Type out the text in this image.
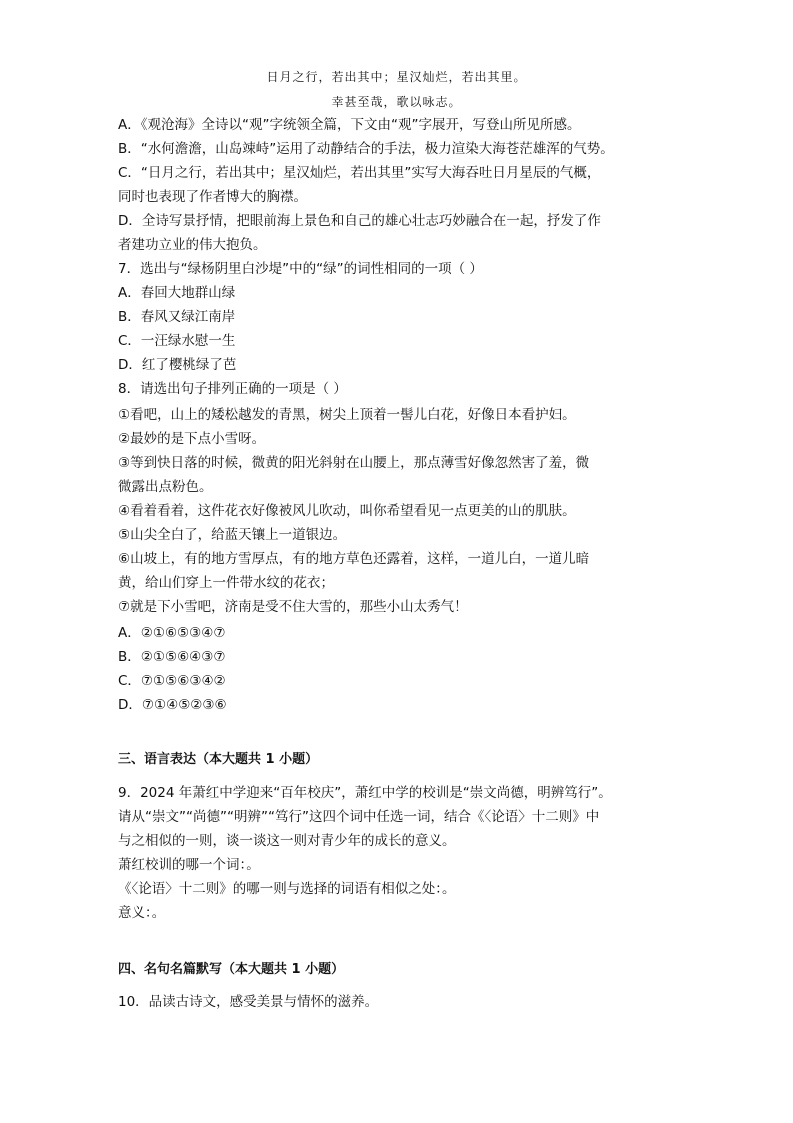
日月之行，若出其中；星汉灿烂，若出其里。
幸甚至哉，歌以咏志。
A．《观沧海》全诗以“观”字统领全篇，下文由“观”字展开，写登山所见所感。
B．“水何澹澹，山岛竦峙”运用了动静结合的手法，极力渲染大海苍茫雄浑的气势。
C．“日月之行，若出其中；星汉灿烂，若出其里”实写大海吞吐日月星辰的气概，
同时也表现了作者博大的胸襟。
D．全诗写景抒情，把眼前海上景色和自己的雄心壮志巧妙融合在一起，抒发了作
者建功立业的伟大抱负。
7．选出与“绿杨阴里白沙堤”中的“绿”的词性相同的一项（ ）
A．春回大地群山绿
B．春风又绿江南岸
C．一汪绿水慰一生
D．红了樱桃绿了芭
8．请选出句子排列正确的一项是（ ）
①看吧，山上的矮松越发的青黑，树尖上顶着一髻儿白花，好像日本看护妇。
②最妙的是下点小雪呀。
③等到快日落的时候，微黄的阳光斜射在山腰上，那点薄雪好像忽然害了羞，微
微露出点粉色。
④看着看着，这件花衣好像被风儿吹动，叫你希望看见一点更美的山的肌肤。
⑤山尖全白了，给蓝天镶上一道银边。
⑥山坡上，有的地方雪厚点，有的地方草色还露着，这样，一道儿白，一道儿暗
黄，给山们穿上一件带水纹的花衣；
⑦就是下小雪吧，济南是受不住大雪的，那些小山太秀气！
A．②①⑥⑤③④⑦
B．②①⑤⑥④③⑦
C．⑦①⑤⑥③④②
D．⑦①④⑤②③⑥
三、语言表达（本大题共 1 小题）
9．2024 年萧红中学迎来“百年校庆”，萧红中学的校训是“崇文尚德，明辨笃行”。
请从“崇文”“尚德”“明辨”“笃行”这四个词中任选一词，结合《〈论语〉十二则》中
与之相似的一则，谈一谈这一则对青少年的成长的意义。
萧红校训的哪一个词：。
《〈论语〉十二则》的哪一则与选择的词语有相似之处：。
意义：。
四、名句名篇默写（本大题共 1 小题）
10．品读古诗文，感受美景与情怀的滋养。
